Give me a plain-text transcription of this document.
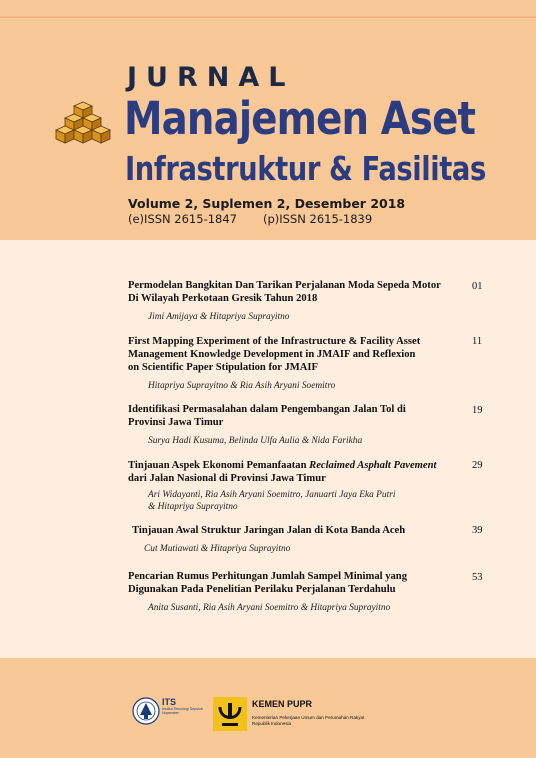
JURNAL
Manajemen Aset
Infrastruktur & Fasilitas
Volume 2, Suplemen 2, Desember 2018
(e)ISSN 2615-1847 (p)ISSN 2615-1839
Permodelan Bangkitan Dan Tarikan Perjalanan Moda Sepeda Motor
Di Wilayah Perkotaan Gresik Tahun 2018
Jimi Amijaya & Hitapriya Suprayitno
01
First Mapping Experiment of the Infrastructure & Facility Asset
Management Knowledge Development in JMAIF and Reflexion
on Scientific Paper Stipulation for JMAIF
Hitapriya Suprayitno & Ria Asih Aryani Soemitro
11
Identifikasi Permasalahan dalam Pengembangan Jalan Tol di
Provinsi Jawa Timur
Surya Hadi Kusuma, Belinda Ulfa Aulia & Nida Farikha
19
Tinjauan Aspek Ekonomi Pemanfaatan Reclaimed Asphalt Pavement
dari Jalan Nasional di Provinsi Jawa Timur
Ari Widayanti, Ria Asih Aryani Soemitro, Januarti Jaya Eka Putri
& Hitapriya Suprayitno
29
Tinjauan Awal Struktur Jaringan Jalan di Kota Banda Aceh
Cut Mutiawati & Hitapriya Suprayitno
39
Pencarian Rumus Perhitungan Jumlah Sampel Minimal yang
Digunakan Pada Penelitian Perilaku Perjalanan Terdahulu
Anita Susanti, Ria Asih Aryani Soemitro & Hitapriya Suprayitno
53
ITS
Institut Teknologi Sepuluh Nopember
KEMEN PUPR
Kementerian Pekerjaan Umum dan Perumahan Rakyat Republik Indonesia
